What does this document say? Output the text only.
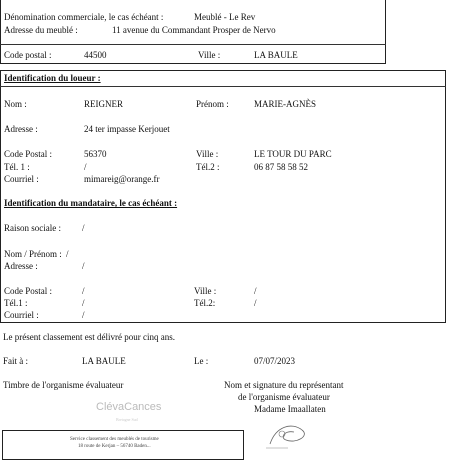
Dénomination commerciale, le cas échéant :	Meublé - Le Rev
Adresse du meublé :	11 avenue du Commandant Prosper de Nervo
Code postal :	44500	Ville :	LA BAULE
Identification du loueur :
Nom :	REIGNER	Prénom :	MARIE-AGNÈS
Adresse :	24 ter impasse Kerjouet
Code Postal :	56370	Ville :	LE TOUR DU PARC
Tél. 1 :	/	Tél.2 :	06 87 58 58 52
Courriel :	mimareig@orange.fr
Identification du mandataire, le cas échéant :
Raison sociale : /
Nom / Prénom : /
Adresse :	/
Code Postal :	/	Ville :	/
Tél.1 :	/	Tél.2:	/
Courriel :	/
Le présent classement est délivré pour cinq ans.
Fait à :	LA BAULE	Le :	07/07/2023
Timbre de l'organisme évaluateur	Nom et signature du représentant
de l'organisme évaluateur
Madame Imaallaten
ClévaCances
Bretagne Sud
Service classement des meublés de tourisme
18 route de Kerjan – 56740 Baden...
